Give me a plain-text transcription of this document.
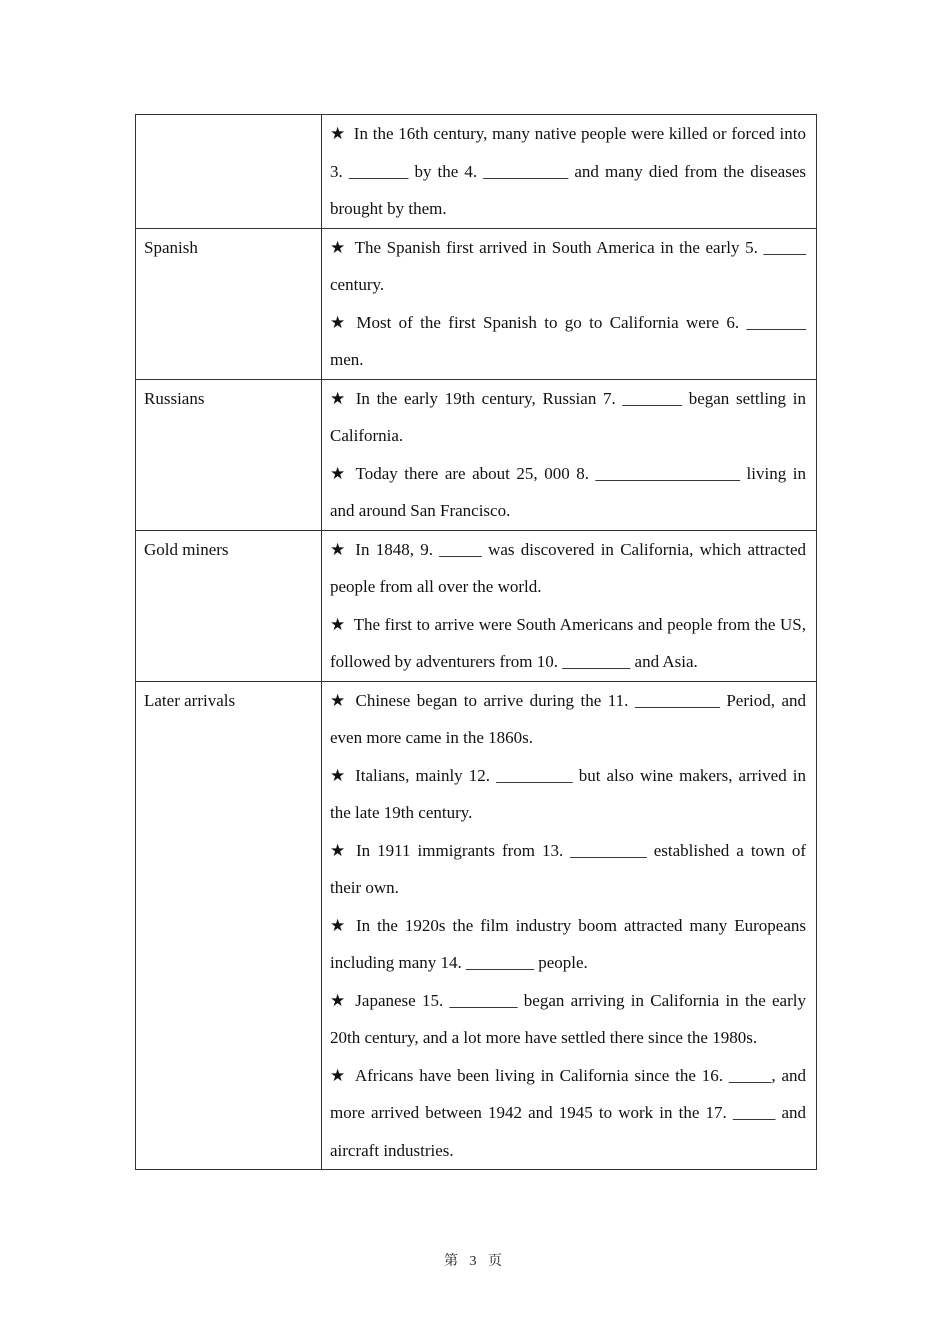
	★ In the 16th century, many native people were killed or forced into 3. _______ by the 4. __________ and many died from the diseases brought by them.

Spanish	★ The Spanish first arrived in South America in the early 5. _____ century.
★ Most of the first Spanish to go to California were 6. _______ men.

Russians	★ In the early 19th century, Russian 7. _______ began settling in California.
★ Today there are about 25, 000 8. _________________ living in and around San Francisco.

Gold miners	★ In 1848, 9. _____ was discovered in California, which attracted people from all over the world.
★ The first to arrive were South Americans and people from the US, followed by adventurers from 10. ________ and Asia.

Later arrivals	★ Chinese began to arrive during the 11. __________ Period, and even more came in the 1860s.
★ Italians, mainly 12. _________ but also wine makers, arrived in the late 19th century.
★ In 1911 immigrants from 13. _________ established a town of their own.
★ In the 1920s the film industry boom attracted many Europeans including many 14. ________ people.
★ Japanese 15. ________ began arriving in California in the early 20th century, and a lot more have settled there since the 1980s.
★ Africans have been living in California since the 16. _____, and more arrived between 1942 and 1945 to work in the 17. _____ and aircraft industries.
第 3 页
